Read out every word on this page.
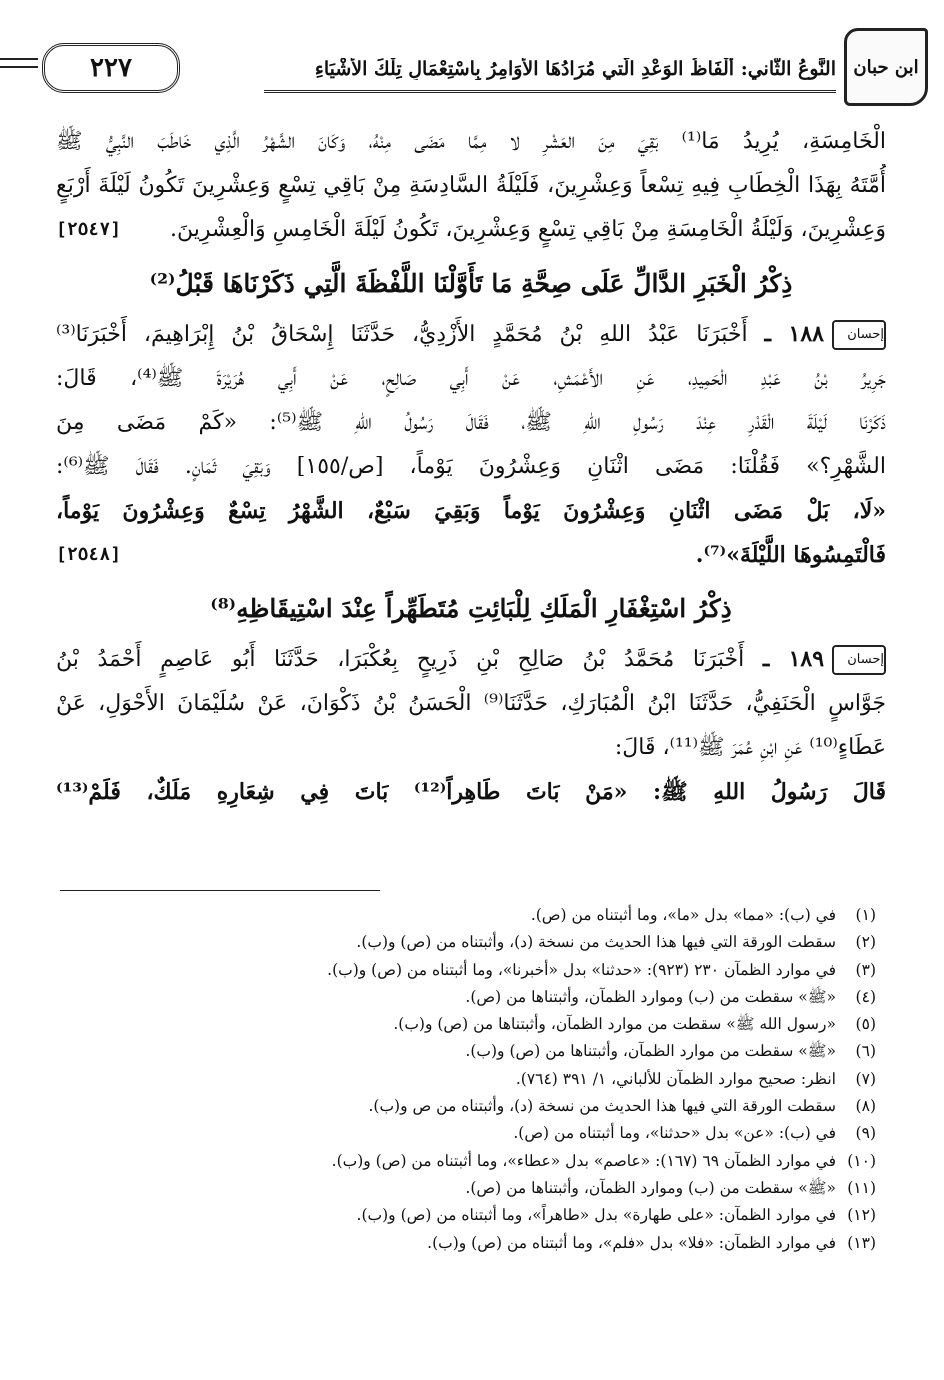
ابن حبان
النَّوعُ الثَّاني: أَلْفَاظُ الوَعْدِ الَّتي مُرَادُهَا الأوَامِرُ بِاسْتِعْمَالِ تِلْكَ الأَشْيَاءِ
٢٢٧

الْخَامِسَةِ، يُرِيدُ مَا⁽¹⁾ بَقِيَ مِنَ العَشْرِ لا مِمَّا مَضَى مِنْهُ، وَكَانَ الشَّهْرُ الَّذِي خَاطَبَ النَّبِيُّ ﷺ
أُمَّتَهُ بِهَذَا الْخِطَابِ فِيهِ تِسْعاً وَعِشْرِينَ، فَلَيْلَةُ السَّادِسَةِ مِنْ بَاقِي تِسْعٍ وَعِشْرِينَ تَكُونُ لَيْلَةَ أَرْبَعٍ
وَعِشْرِينَ، وَلَيْلَةُ الْخَامِسَةِ مِنْ بَاقِي تِسْعٍ وَعِشْرِينَ، تَكُونُ لَيْلَةَ الْخَامِسِ وَالْعِشْرِينَ.
[٢٥٤٧]

ذِكْرُ الْخَبَرِ الدَّالِّ عَلَى صِحَّةِ مَا تَأَوَّلْنَا اللَّفْظَةَ الَّتِي ذَكَرْنَاهَا قَبْلُ⁽²⁾

إحسان١٨٨ ـ أَخْبَرَنَا عَبْدُ اللهِ بْنُ مُحَمَّدٍ الأَزْدِيُّ، حَدَّثَنَا إِسْحَاقُ بْنُ إِبْرَاهِيمَ، أَخْبَرَنَا⁽³⁾
جَرِيرُ بْنُ عَبْدِ الْحَمِيدِ، عَنِ الأَعْمَشِ، عَنْ أَبِي صَالِحٍ، عَنْ أَبِي هُرَيْرَةَ ﷺ⁽⁴⁾، قَالَ:
ذَكَرْنَا لَيْلَةَ الْقَدْرِ عِنْدَ رَسُولِ اللهِ ﷺ، فَقَالَ رَسُولُ اللهِ ﷺ⁽⁵⁾: «كَمْ مَضَى مِنَ
الشَّهْرِ؟» فَقُلْنَا: مَضَى اثْنَانِ وَعِشْرُونَ يَوْماً، [ص/١٥٥] وَبَقِيَ ثَمَانٍ. فَقَالَ ﷺ⁽⁶⁾:
«لَا، بَلْ مَضَى اثْنَانِ وَعِشْرُونَ يَوْماً وَبَقِيَ سَبْعٌ، الشَّهْرُ تِسْعٌ وَعِشْرُونَ يَوْماً،
فَالْتَمِسُوهَا اللَّيْلَةَ»⁽⁷⁾.
[٢٥٤٨]

ذِكْرُ اسْتِغْفَارِ الْمَلَكِ لِلْبَائِتِ مُتَطَهِّراً عِنْدَ اسْتِيقَاظِهِ⁽⁸⁾

إحسان١٨٩ ـ أَخْبَرَنَا مُحَمَّدُ بْنُ صَالِحِ بْنِ ذَرِيحٍ بِعُكْبَرَا، حَدَّثَنَا أَبُو عَاصِمٍ أَحْمَدُ بْنُ
جَوَّاسٍ الْحَنَفِيُّ، حَدَّثَنَا ابْنُ الْمُبَارَكِ، حَدَّثَنَا⁽⁹⁾ الْحَسَنُ بْنُ ذَكْوَانَ، عَنْ سُلَيْمَانَ الأَحْوَلِ، عَنْ
عَطَاءٍ⁽¹⁰⁾ عَنِ ابْنِ عُمَرَ ﷺ⁽¹¹⁾، قَالَ:
قَالَ رَسُولُ اللهِ ﷺ: «مَنْ بَاتَ طَاهِراً⁽¹²⁾ بَاتَ فِي شِعَارِهِ مَلَكٌ، فَلَمْ⁽¹³⁾

(١)في (ب): «مما» بدل «ما»، وما أثبتناه من (ص).
(٢)سقطت الورقة التي فيها هذا الحديث من نسخة (د)، وأثبتناه من (ص) و(ب).
(٣)في موارد الظمآن ٢٣٠ (٩٢٣): «حدثنا» بدل «أخبرنا»، وما أثبتناه من (ص) و(ب).
(٤)«ﷺ» سقطت من (ب) وموارد الظمآن، وأثبتناها من (ص).
(٥)«رسول الله ﷺ» سقطت من موارد الظمآن، وأثبتناها من (ص) و(ب).
(٦)«ﷺ» سقطت من موارد الظمآن، وأثبتناها من (ص) و(ب).
(٧)انظر: صحيح موارد الظمآن للألباني، ١/ ٣٩١ (٧٦٤).
(٨)سقطت الورقة التي فيها هذا الحديث من نسخة (د)، وأثبتناه من ص و(ب).
(٩)في (ب): «عن» بدل «حدثنا»، وما أثبتناه من (ص).
(١٠)في موارد الظمآن ٦٩ (١٦٧): «عاصم» بدل «عطاء»، وما أثبتناه من (ص) و(ب).
(١١)«ﷺ» سقطت من (ب) وموارد الظمآن، وأثبتناها من (ص).
(١٢)في موارد الظمآن: «على طهارة» بدل «طاهراً»، وما أثبتناه من (ص) و(ب).
(١٣)في موارد الظمآن: «فلا» بدل «فلم»، وما أثبتناه من (ص) و(ب).
